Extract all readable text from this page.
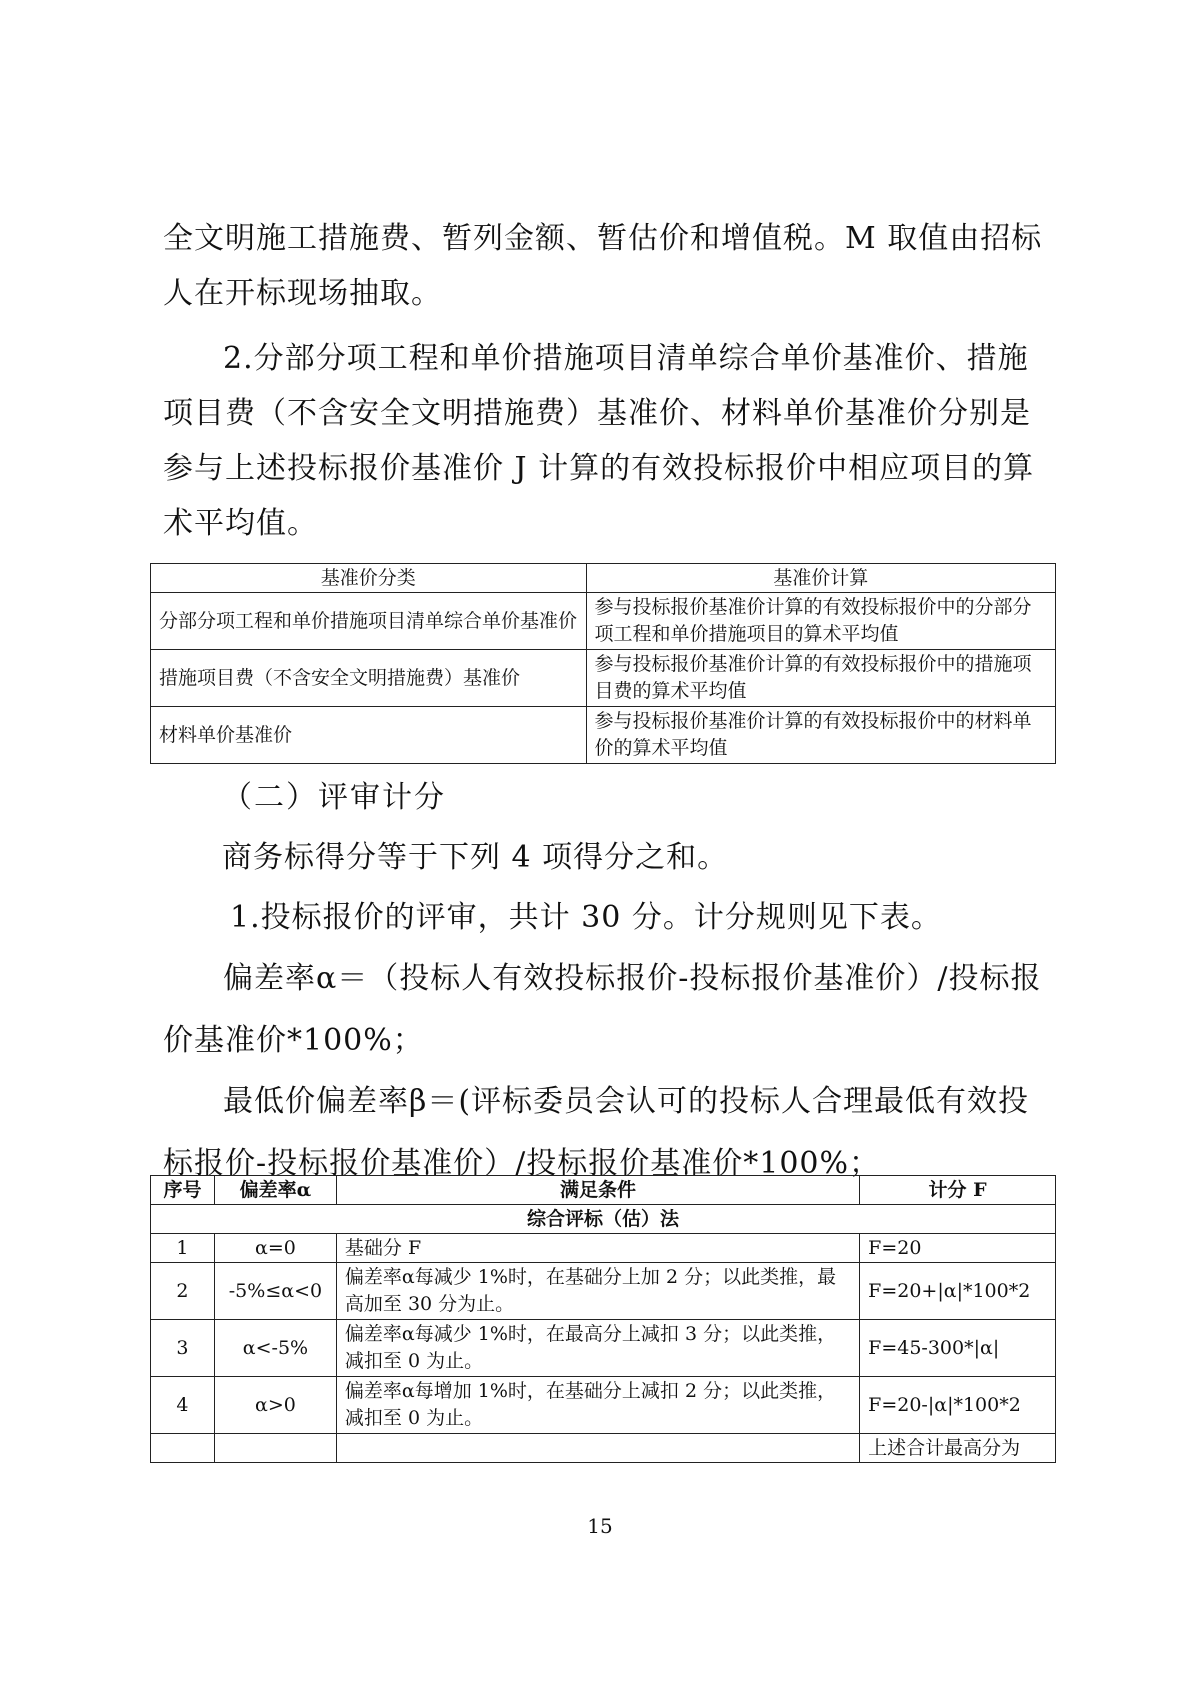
全文明施工措施费、暂列金额、暂估价和增值税。M 取值由招标人在开标现场抽取。
2.分部分项工程和单价措施项目清单综合单价基准价、措施项目费（不含安全文明措施费）基准价、材料单价基准价分别是参与上述投标报价基准价 J 计算的有效投标报价中相应项目的算术平均值。
基准价分类	基准价计算
分部分项工程和单价措施项目清单综合单价基准价	参与投标报价基准价计算的有效投标报价中的分部分项工程和单价措施项目的算术平均值
措施项目费（不含安全文明措施费）基准价	参与投标报价基准价计算的有效投标报价中的措施项目费的算术平均值
材料单价基准价	参与投标报价基准价计算的有效投标报价中的材料单价的算术平均值
（二）评审计分
商务标得分等于下列 4 项得分之和。
1.投标报价的评审，共计 30 分。计分规则见下表。
偏差率α＝（投标人有效投标报价-投标报价基准价）/投标报价基准价*100%；
最低价偏差率β＝(评标委员会认可的投标人合理最低有效投标报价-投标报价基准价）/投标报价基准价*100%；
序号	偏差率α	满足条件	计分 F
综合评标（估）法			
1	α=0	基础分 F	F=20
2	-5%≤α<0	偏差率α每减少 1%时，在基础分上加 2 分；以此类推，最高加至 30 分为止。	F=20+|α|*100*2
3	α<-5%	偏差率α每减少 1%时，在最高分上减扣 3 分；以此类推，减扣至 0 为止。	F=45-300*|α|
4	α>0	偏差率α每增加 1%时，在基础分上减扣 2 分；以此类推，减扣至 0 为止。	F=20-|α|*100*2
			上述合计最高分为
15
